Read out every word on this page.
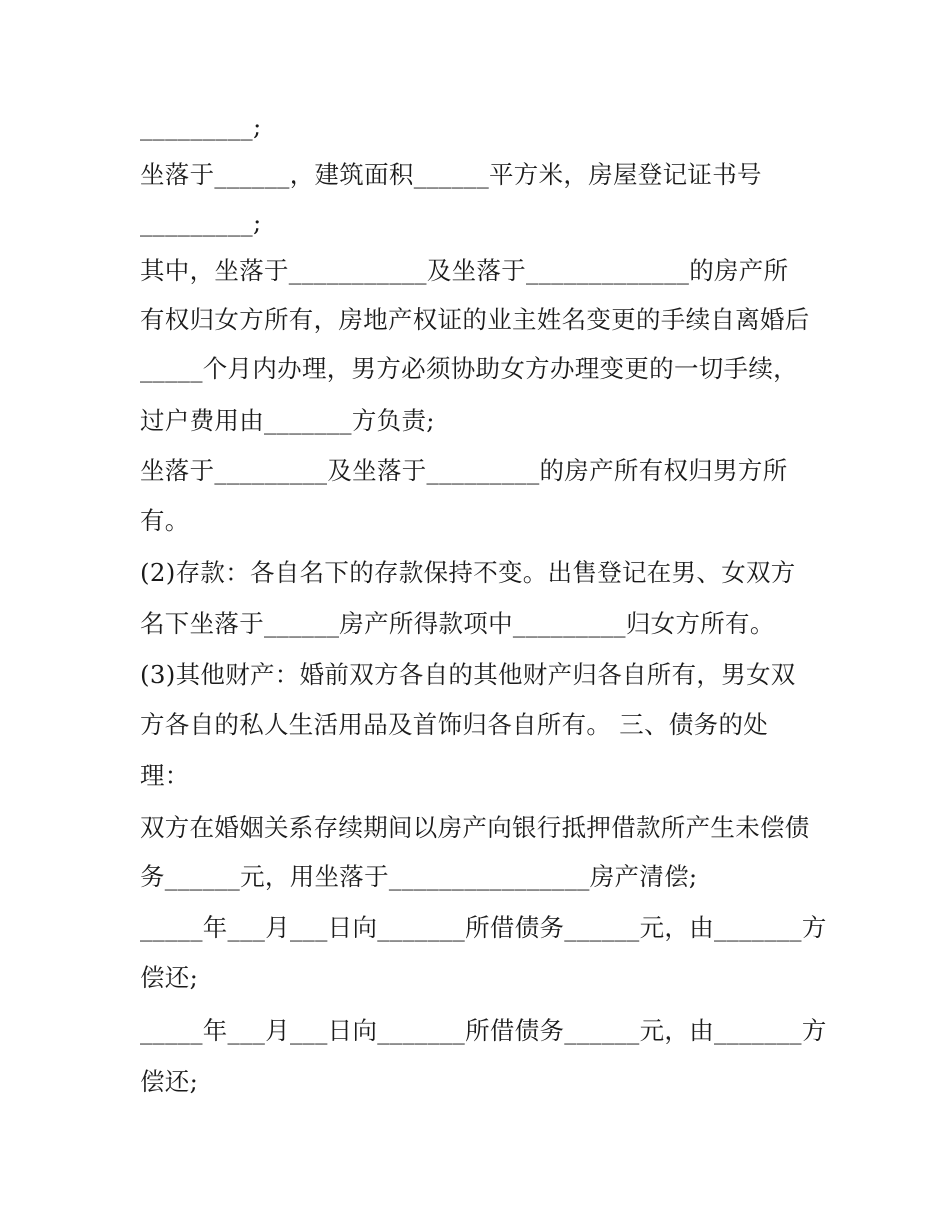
_________;
坐落于______，建筑面积______平方米，房屋登记证书号
_________;
其中，坐落于___________及坐落于_____________的房产所
有权归女方所有，房地产权证的业主姓名变更的手续自离婚后
_____个月内办理，男方必须协助女方办理变更的一切手续，
过户费用由_______方负责;
坐落于_________及坐落于_________的房产所有权归男方所
有。
(2)存款：各自名下的存款保持不变。出售登记在男、女双方
名下坐落于______房产所得款项中_________归女方所有。
(3)其他财产：婚前双方各自的其他财产归各自所有，男女双
方各自的私人生活用品及首饰归各自所有。 三、债务的处
理：
双方在婚姻关系存续期间以房产向银行抵押借款所产生未偿债
务______元，用坐落于________________房产清偿;
_____年___月___日向_______所借债务______元，由_______方
偿还;
_____年___月___日向_______所借债务______元，由_______方
偿还;
